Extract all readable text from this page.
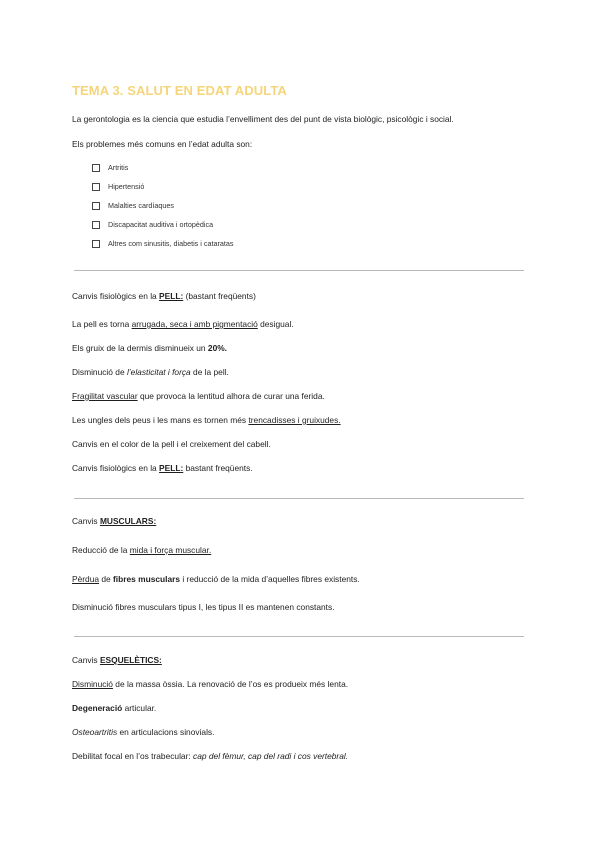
TEMA 3. SALUT EN EDAT ADULTA
La gerontologia es la ciencia que estudia l’envelliment des del punt de vista biològic, psicològic i social.
Els problemes més comuns en l’edat adulta son:
Artritis
Hipertensió
Malalties cardíaques
Discapacitat auditiva i ortopèdica
Altres com sinusitis, diabetis i cataratas
Canvis fisiològics en la PELL: (bastant freqüents)
La pell es torna arrugada, seca i amb pigmentació desigual.
Els gruix de la dermis disminueix un 20%.
Disminució de l’elasticitat i força de la pell.
Fragilitat vascular que provoca la lentitud alhora de curar una ferida.
Les ungles dels peus i les mans es tornen més trencadisses i gruixudes.
Canvis en el color de la pell i el creixement del cabell.
Canvis fisiològics en la PELL: bastant freqüents.
Canvis MUSCULARS:
Reducció de la mida i força muscular.
Pèrdua de fibres musculars i reducció de la mida d’aquelles fibres existents.
Disminució fibres musculars tipus I, les tipus II es mantenen constants.
Canvis ESQUELÈTICS:
Disminució de la massa òssia. La renovació de l’os es produeix més lenta.
Degeneració articular.
Osteoartritis en articulacions sinovials.
Debilitat focal en l’os trabecular: cap del fèmur, cap del radi i cos vertebral.
